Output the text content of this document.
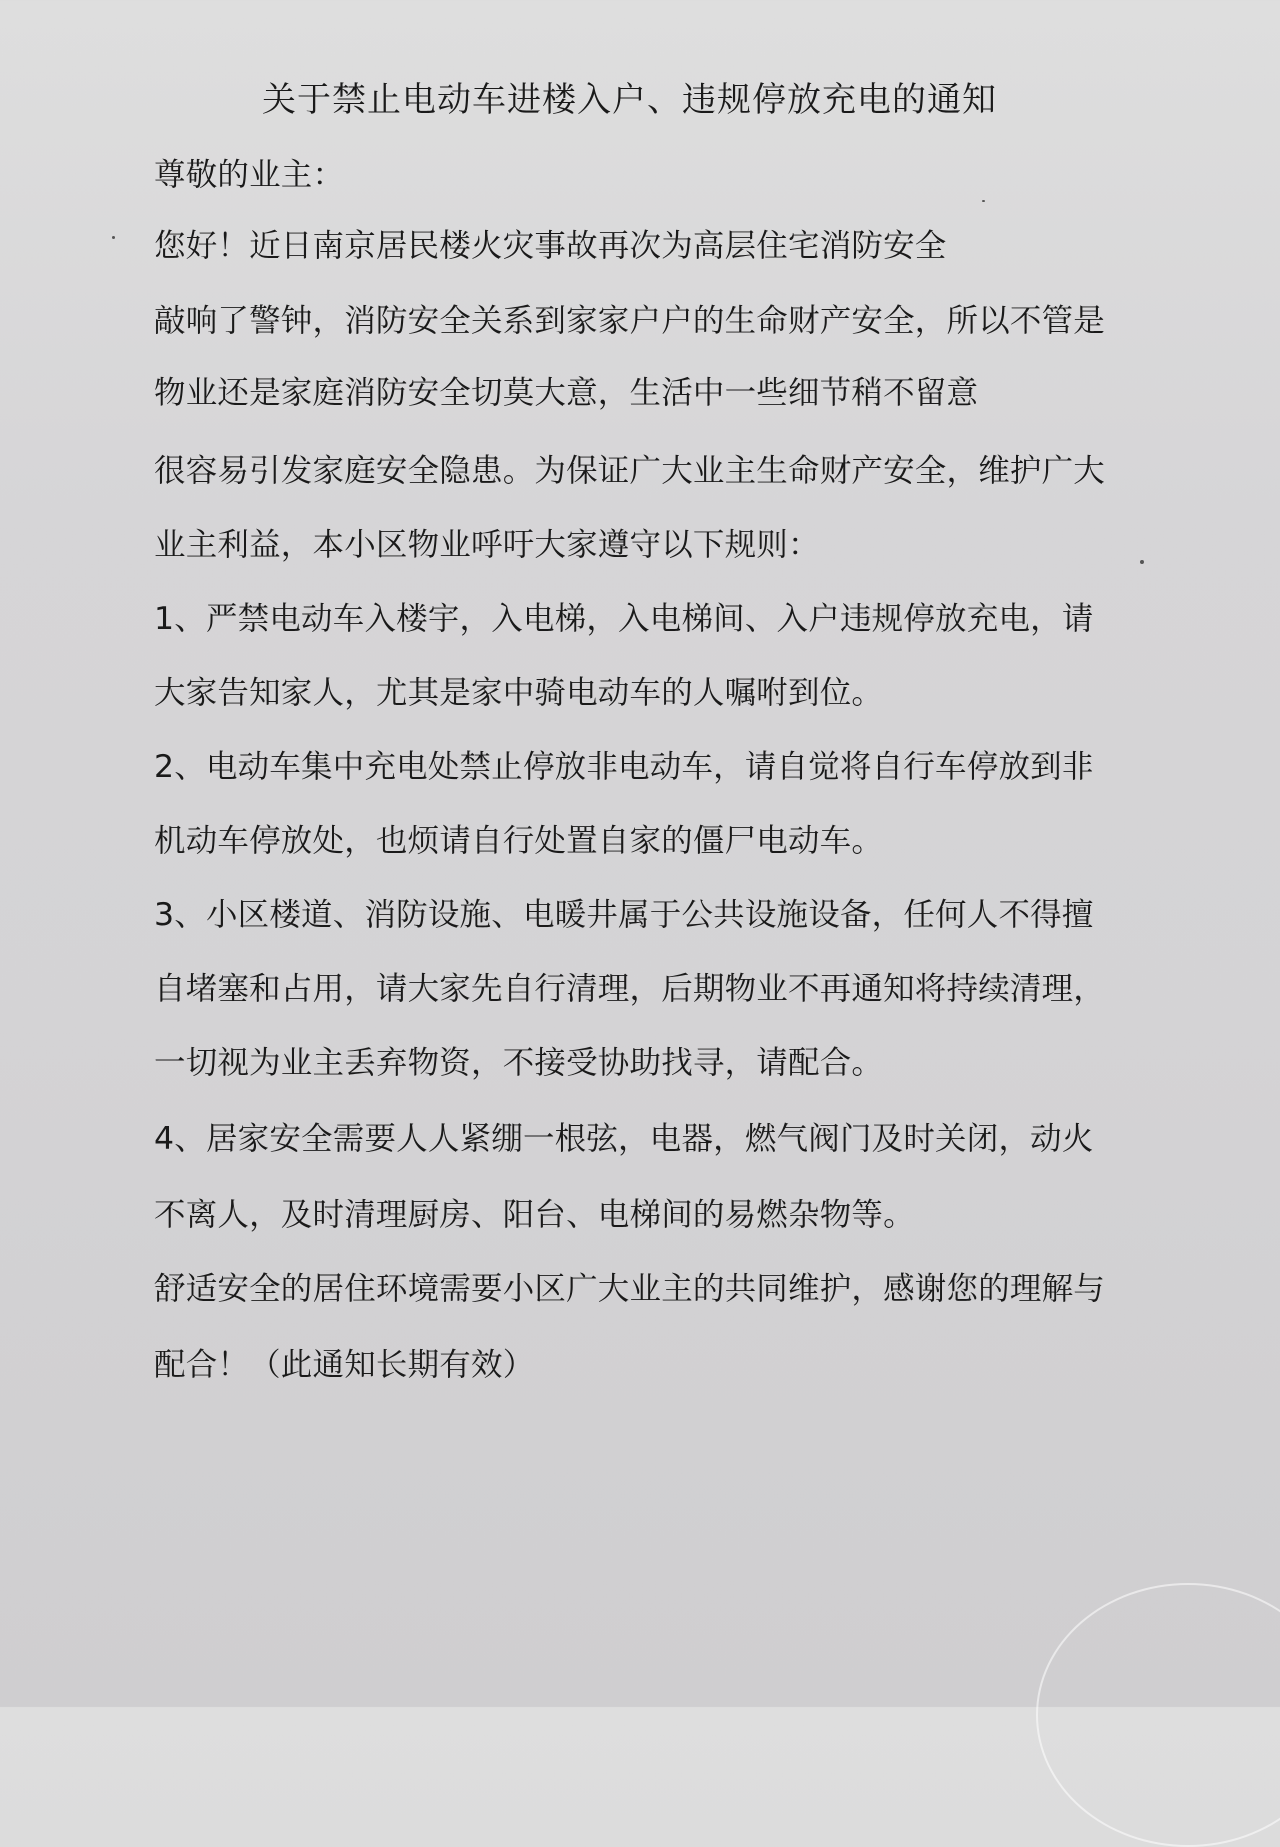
关于禁止电动车进楼入户、违规停放充电的通知
尊敬的业主：
您好！近日南京居民楼火灾事故再次为高层住宅消防安全
敲响了警钟，消防安全关系到家家户户的生命财产安全，所以不管是
物业还是家庭消防安全切莫大意，生活中一些细节稍不留意
很容易引发家庭安全隐患。为保证广大业主生命财产安全，维护广大
业主利益，本小区物业呼吁大家遵守以下规则：
1、严禁电动车入楼宇，入电梯，入电梯间、入户违规停放充电，请
大家告知家人，尤其是家中骑电动车的人嘱咐到位。
2、电动车集中充电处禁止停放非电动车，请自觉将自行车停放到非
机动车停放处，也烦请自行处置自家的僵尸电动车。
3、小区楼道、消防设施、电暖井属于公共设施设备，任何人不得擅
自堵塞和占用，请大家先自行清理，后期物业不再通知将持续清理，
一切视为业主丢弃物资，不接受协助找寻，请配合。
4、居家安全需要人人紧绷一根弦，电器，燃气阀门及时关闭，动火
不离人，及时清理厨房、阳台、电梯间的易燃杂物等。
舒适安全的居住环境需要小区广大业主的共同维护，感谢您的理解与
配合！（此通知长期有效）
